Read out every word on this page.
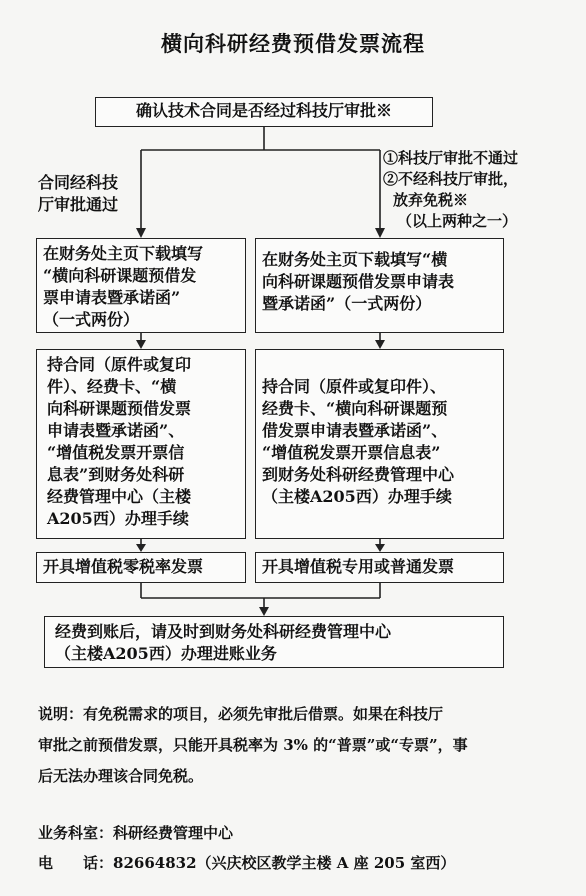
横向科研经费预借发票流程
确认技术合同是否经过科技厅审批※
合同经科技
厅审批通过
①科技厅审批不通过
②不经科技厅审批，
放弃免税※
（以上两种之一）
在财务处主页下载填写
“横向科研课题预借发
票申请表暨承诺函”
（一式两份）
在财务处主页下载填写“横
向科研课题预借发票申请表
暨承诺函”（一式两份）
持合同（原件或复印
件）、经费卡、“横
向科研课题预借发票
申请表暨承诺函”、
“增值税发票开票信
息表”到财务处科研
经费管理中心（主楼
A205西）办理手续
持合同（原件或复印件）、
经费卡、“横向科研课题预
借发票申请表暨承诺函”、
“增值税发票开票信息表”
到财务处科研经费管理中心
（主楼A205西）办理手续
开具增值税零税率发票	开具增值税专用或普通发票
经费到账后，请及时到财务处科研经费管理中心
（主楼A205西）办理进账业务
说明：有免税需求的项目，必须先审批后借票。如果在科技厅
审批之前预借发票，只能开具税率为 3% 的“普票”或“专票”，事
后无法办理该合同免税。
业务科室：科研经费管理中心
电　　话：82664832（兴庆校区教学主楼 A 座 205 室西）
